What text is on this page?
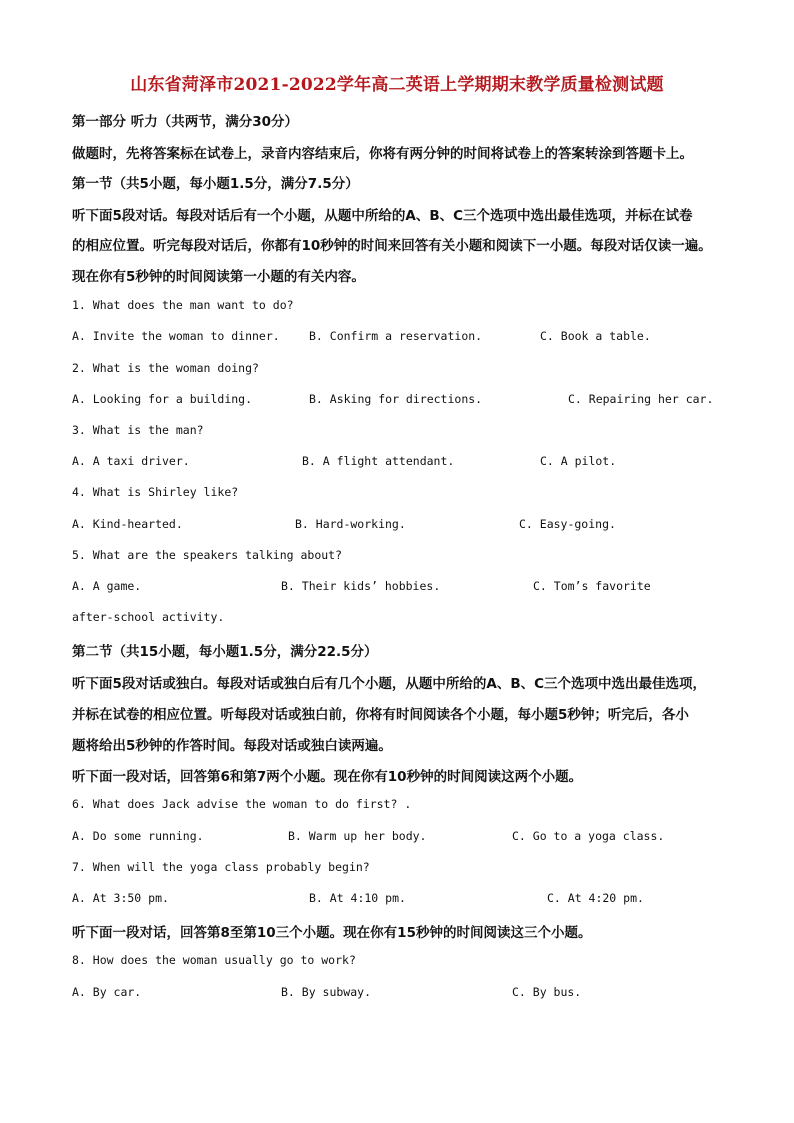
山东省菏泽市2021-2022学年高二英语上学期期末教学质量检测试题
第一部分 听力（共两节，满分30分）
做题时，先将答案标在试卷上，录音内容结束后，你将有两分钟的时间将试卷上的答案转涂到答题卡上。
第一节（共5小题，每小题1.5分，满分7.5分）
听下面5段对话。每段对话后有一个小题，从题中所给的A、B、C三个选项中选出最佳选项，并标在试卷
的相应位置。听完每段对话后，你都有10秒钟的时间来回答有关小题和阅读下一小题。每段对话仅读一遍。
现在你有5秒钟的时间阅读第一小题的有关内容。
1. What does the man want to do?
A. Invite the woman to dinner.	B. Confirm a reservation.	C. Book a table.
2. What is the woman doing?
A. Looking for a building.	B. Asking for directions.	C. Repairing her car.
3. What is the man?
A. A taxi driver.	B. A flight attendant.	C. A pilot.
4. What is Shirley like?
A. Kind-hearted.	B. Hard-working.	C. Easy-going.
5. What are the speakers talking about?
A. A game.	B. Their kids’ hobbies.	C. Tom’s favorite
after-school activity.
第二节（共15小题，每小题1.5分，满分22.5分）
听下面5段对话或独白。每段对话或独白后有几个小题，从题中所给的A、B、C三个选项中选出最佳选项，
并标在试卷的相应位置。听每段对话或独白前，你将有时间阅读各个小题，每小题5秒钟；听完后，各小
题将给出5秒钟的作答时间。每段对话或独白读两遍。
听下面一段对话，回答第6和第7两个小题。现在你有10秒钟的时间阅读这两个小题。
6. What does Jack advise the woman to do first? .
A. Do some running.	B. Warm up her body.	C. Go to a yoga class.
7. When will the yoga class probably begin?
A. At 3:50 pm.	B. At 4:10 pm.	C. At 4:20 pm.
听下面一段对话，回答第8至第10三个小题。现在你有15秒钟的时间阅读这三个小题。
8. How does the woman usually go to work?
A. By car.	B. By subway.	C. By bus.
